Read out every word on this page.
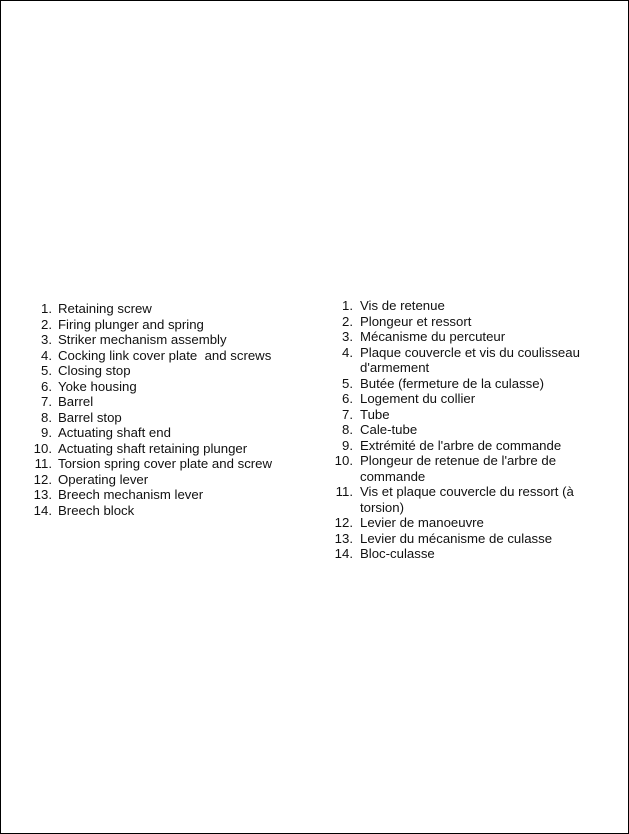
1. Retaining screw
2. Firing plunger and spring
3. Striker mechanism assembly
4. Cocking link cover plate  and screws
5. Closing stop
6. Yoke housing
7. Barrel
8. Barrel stop
9. Actuating shaft end
10. Actuating shaft retaining plunger
11. Torsion spring cover plate and screw
12. Operating lever
13. Breech mechanism lever
14. Breech block
1. Vis de retenue
2. Plongeur et ressort
3. Mécanisme du percuteur
4. Plaque couvercle et vis du coulisseau d'armement
5. Butée (fermeture de la culasse)
6. Logement du collier
7. Tube
8. Cale-tube
9. Extrémité de l'arbre de commande
10. Plongeur de retenue de l'arbre de commande
11. Vis et plaque couvercle du ressort (à torsion)
12. Levier de manoeuvre
13. Levier du mécanisme de culasse
14. Bloc-culasse
